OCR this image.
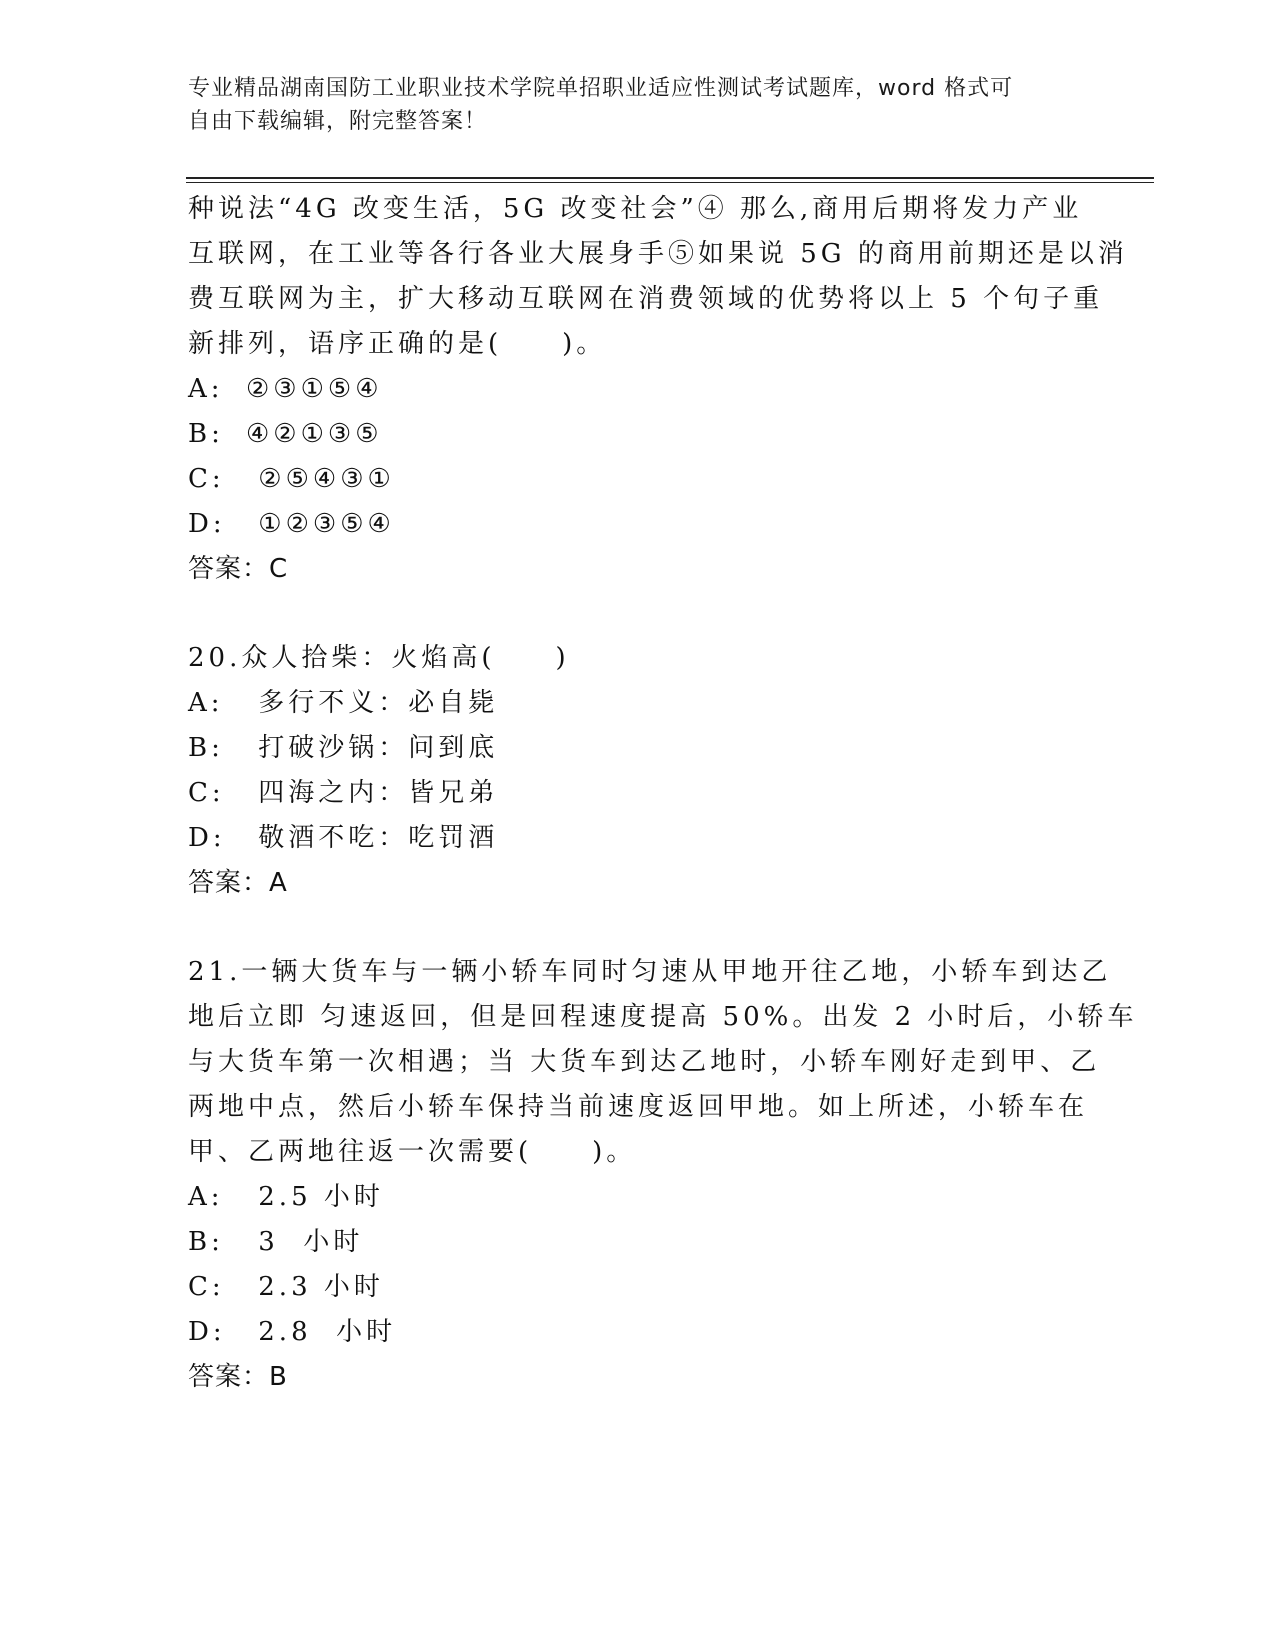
专业精品湖南国防工业职业技术学院单招职业适应性测试考试题库，word 格式可
自由下载编辑，附完整答案！
种说法“4G 改变生活，5G 改变社会”④ 那么,商用后期将发力产业
互联网，在工业等各行各业大展身手⑤如果说 5G 的商用前期还是以消
费互联网为主，扩大移动互联网在消费领域的优势将以上 5 个句子重
新排列，语序正确的是(　　)。
A: ②③①⑤④
B: ④②①③⑤
C: ②⑤④③①
D: ①②③⑤④
答案：C
20.众人拾柴：火焰高(　　)
A: 多行不义：必自毙
B: 打破沙锅：问到底
C: 四海之内：皆兄弟
D: 敬酒不吃：吃罚酒
答案：A
21.一辆大货车与一辆小轿车同时匀速从甲地开往乙地，小轿车到达乙
地后立即 匀速返回，但是回程速度提高 50%。出发 2 小时后，小轿车
与大货车第一次相遇；当 大货车到达乙地时，小轿车刚好走到甲、乙
两地中点，然后小轿车保持当前速度返回甲地。如上所述，小轿车在
甲、乙两地往返一次需要(　　)。
A: 2.5 小时
B: 3  小时
C: 2.3 小时
D: 2.8  小时
答案：B
